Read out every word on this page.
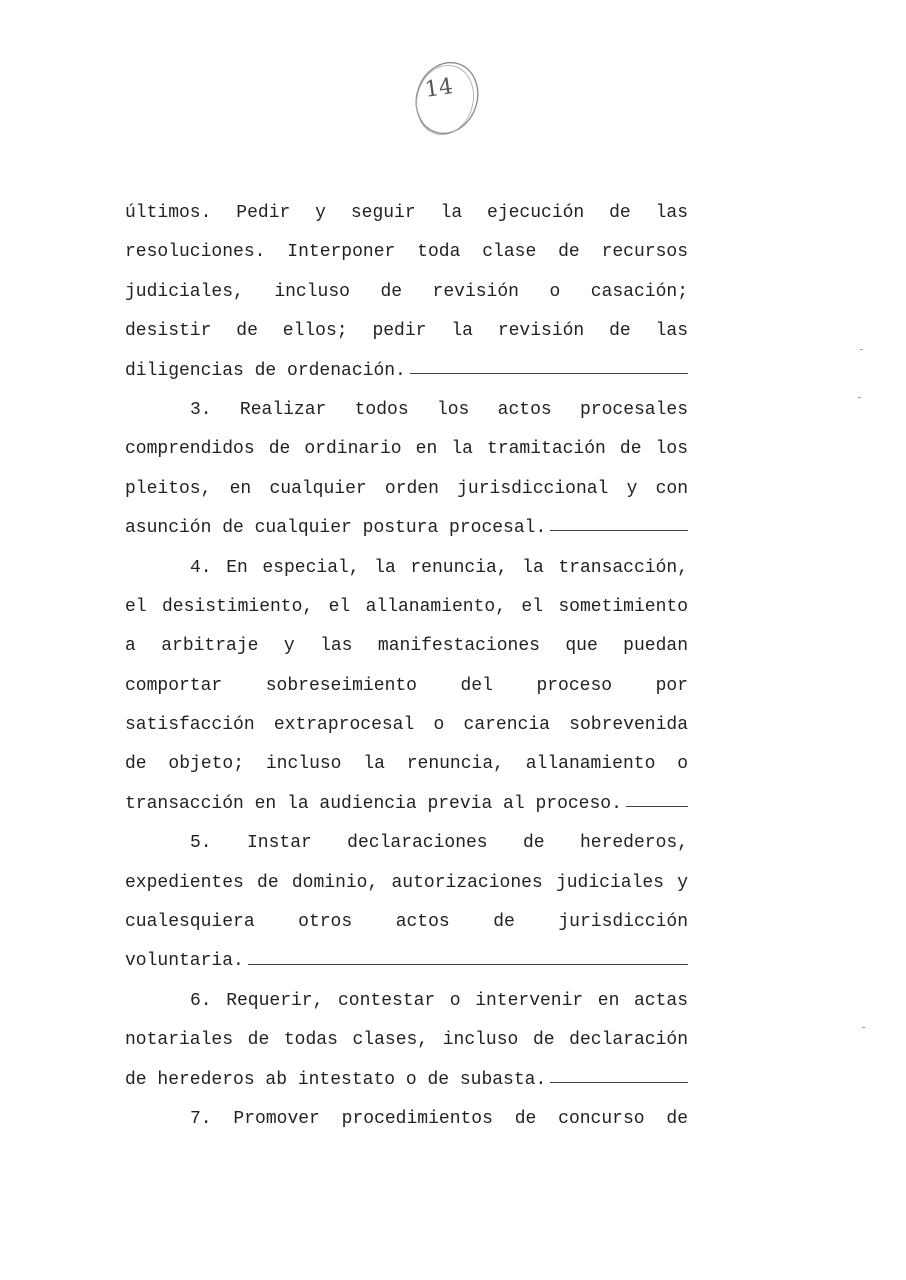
14
últimos. Pedir y seguir la ejecución de las
resoluciones. Interponer toda clase de recursos
judiciales, incluso de revisión o casación;
desistir de ellos; pedir la revisión de las
diligencias de ordenación.
3. Realizar todos los actos procesales
comprendidos de ordinario en la tramitación de los
pleitos, en cualquier orden jurisdiccional y con
asunción de cualquier postura procesal.
4. En especial, la renuncia, la transacción,
el desistimiento, el allanamiento, el sometimiento
a arbitraje y las manifestaciones que puedan
comportar sobreseimiento del proceso por
satisfacción extraprocesal o carencia sobrevenida
de objeto; incluso la renuncia, allanamiento o
transacción en la audiencia previa al proceso.
5. Instar declaraciones de herederos,
expedientes de dominio, autorizaciones judiciales y
cualesquiera otros actos de jurisdicción
voluntaria.
6. Requerir, contestar o intervenir en actas
notariales de todas clases, incluso de declaración
de herederos ab intestato o de subasta.
7. Promover procedimientos de concurso de
